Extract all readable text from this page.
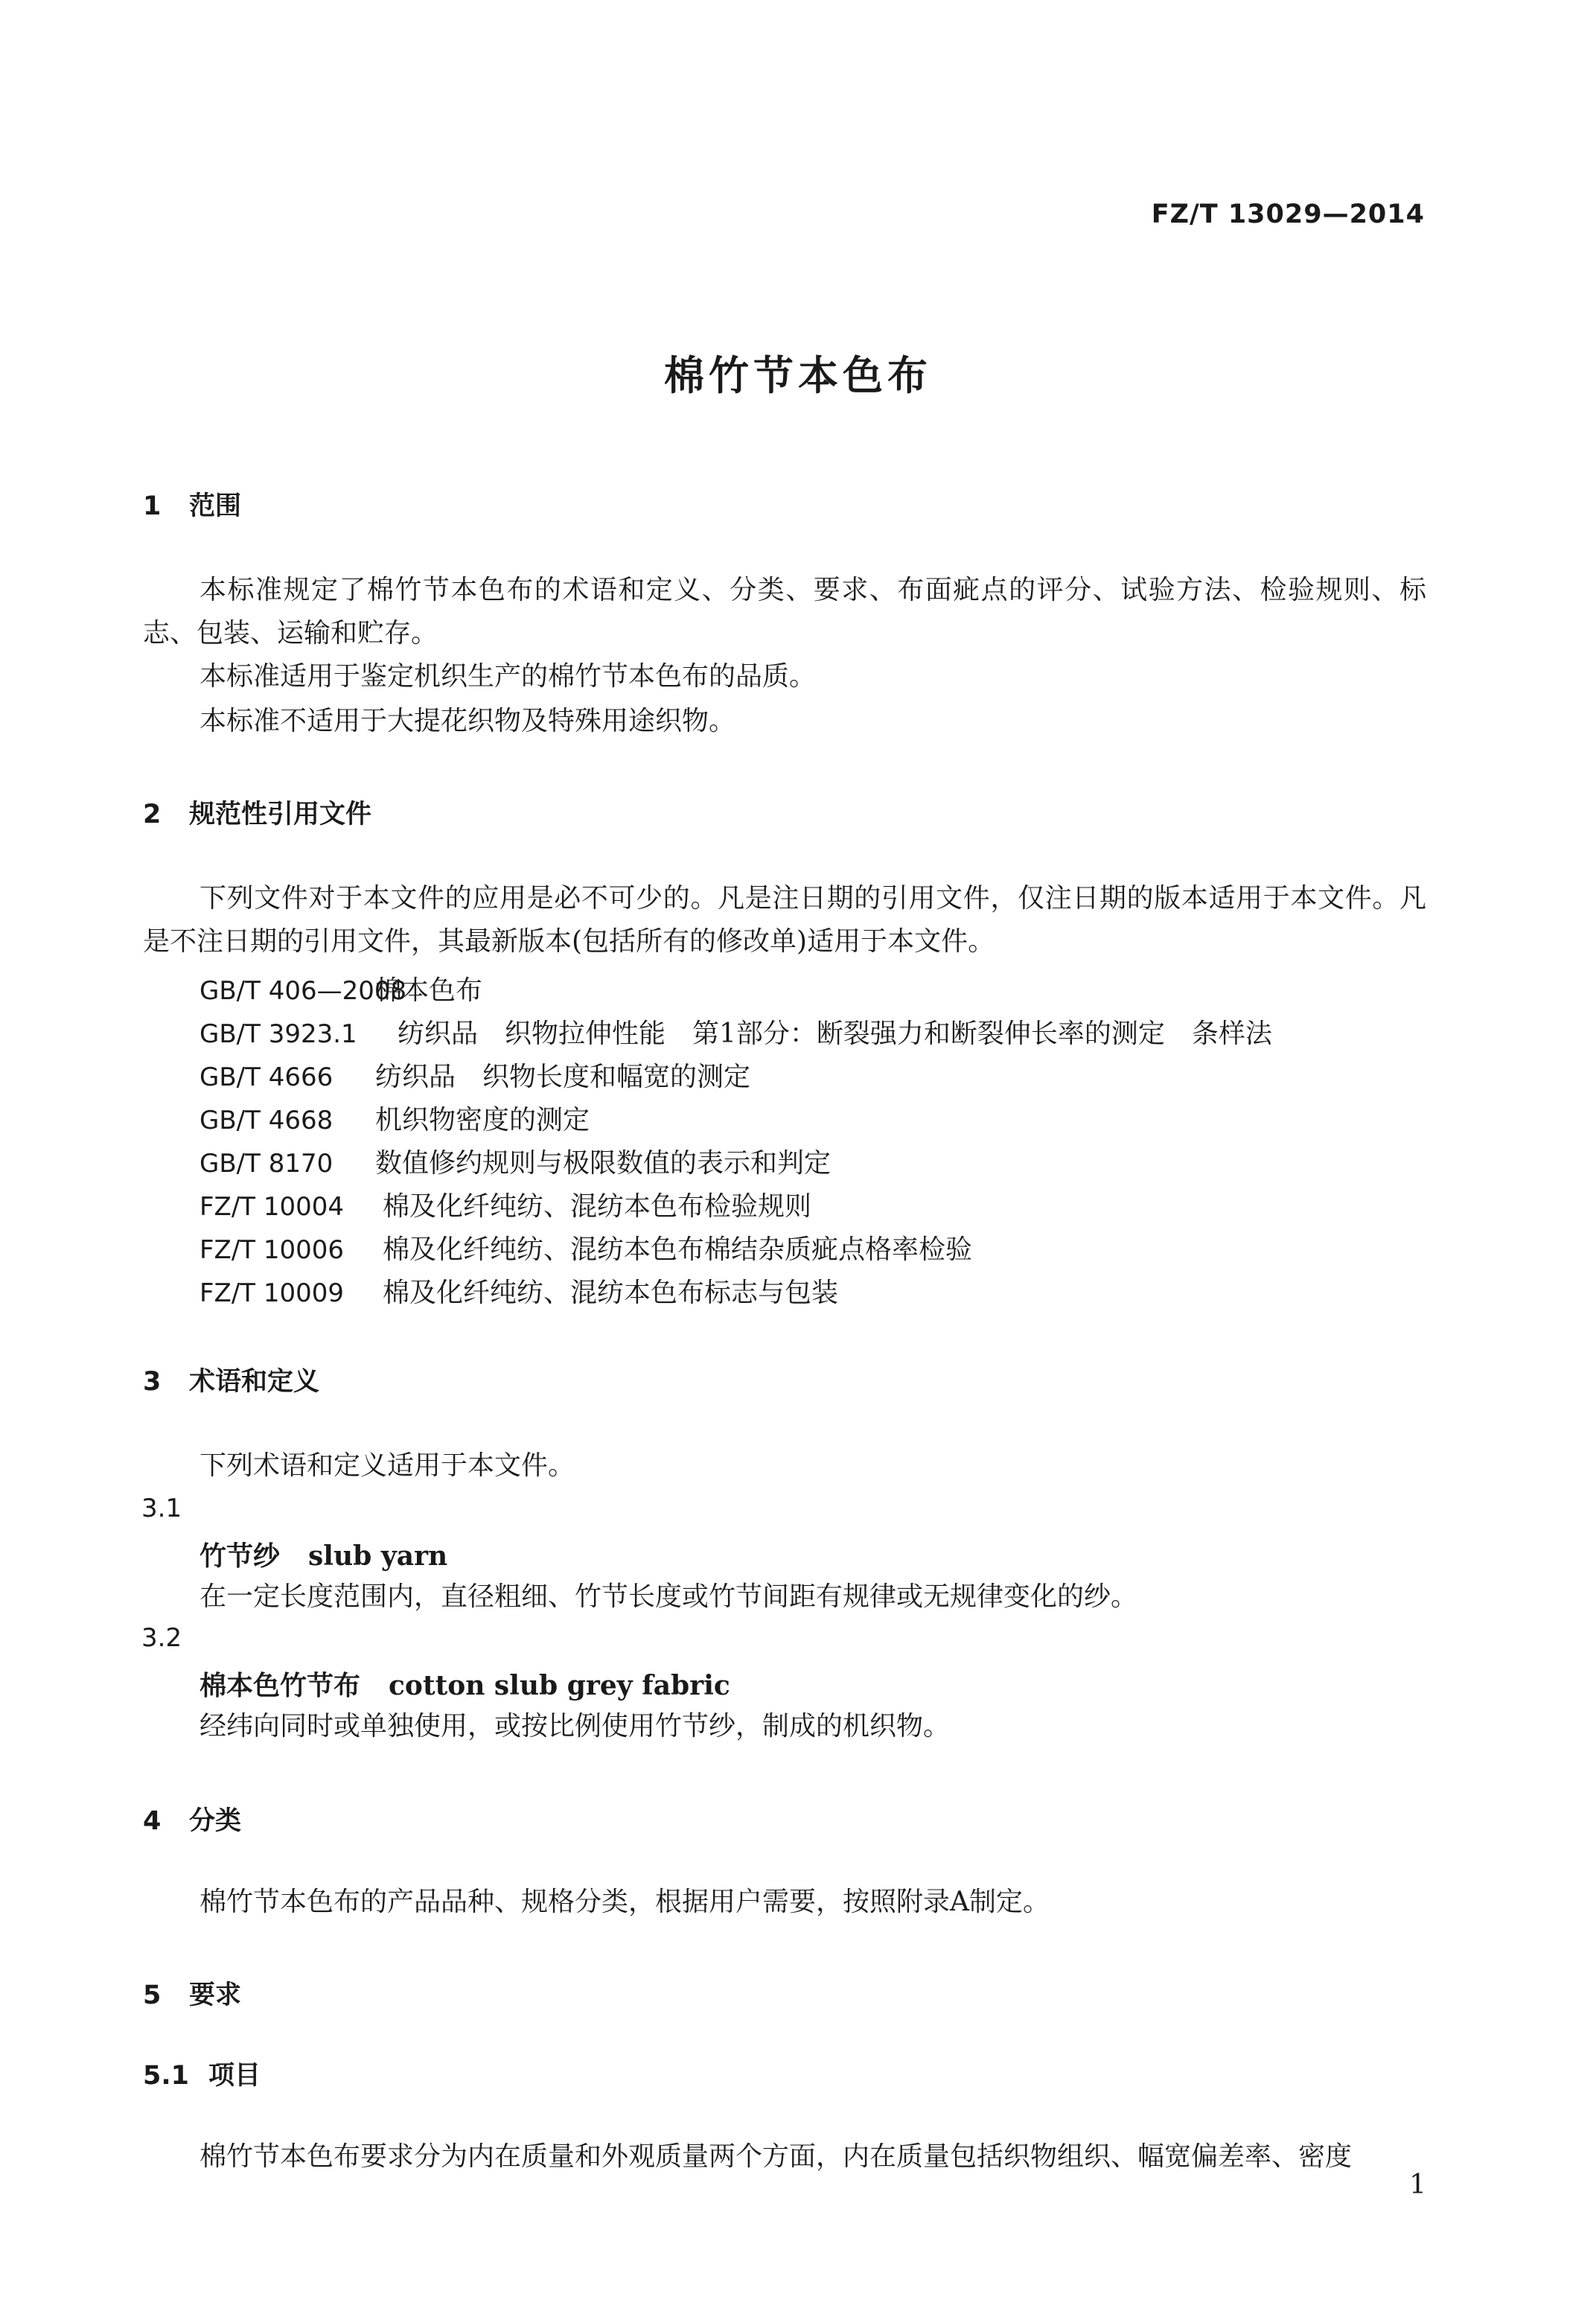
FZ/T 13029—2014
棉竹节本色布
1 范围
本标准规定了棉竹节本色布的术语和定义、分类、要求、布面疵点的评分、试验方法、检验规则、标志、包装、运输和贮存。
本标准适用于鉴定机织生产的棉竹节本色布的品质。
本标准不适用于大提花织物及特殊用途织物。
2 规范性引用文件
下列文件对于本文件的应用是必不可少的。凡是注日期的引用文件，仅注日期的版本适用于本文件。凡是不注日期的引用文件，其最新版本(包括所有的修改单)适用于本文件。
GB/T 406—2008棉本色布
GB/T 3923.1 纺织品　织物拉伸性能　第1部分：断裂强力和断裂伸长率的测定　条样法
GB/T 4666 纺织品　织物长度和幅宽的测定
GB/T 4668 机织物密度的测定
GB/T 8170 数值修约规则与极限数值的表示和判定
FZ/T 10004 棉及化纤纯纺、混纺本色布检验规则
FZ/T 10006 棉及化纤纯纺、混纺本色布棉结杂质疵点格率检验
FZ/T 10009 棉及化纤纯纺、混纺本色布标志与包装
3 术语和定义
下列术语和定义适用于本文件。
3.1
竹节纱 slub yarn
在一定长度范围内，直径粗细、竹节长度或竹节间距有规律或无规律变化的纱。
3.2
棉本色竹节布 cotton slub grey fabric
经纬向同时或单独使用，或按比例使用竹节纱，制成的机织物。
4 分类
棉竹节本色布的产品品种、规格分类，根据用户需要，按照附录A制定。
5 要求
5.1 项目
棉竹节本色布要求分为内在质量和外观质量两个方面，内在质量包括织物组织、幅宽偏差率、密度
1
